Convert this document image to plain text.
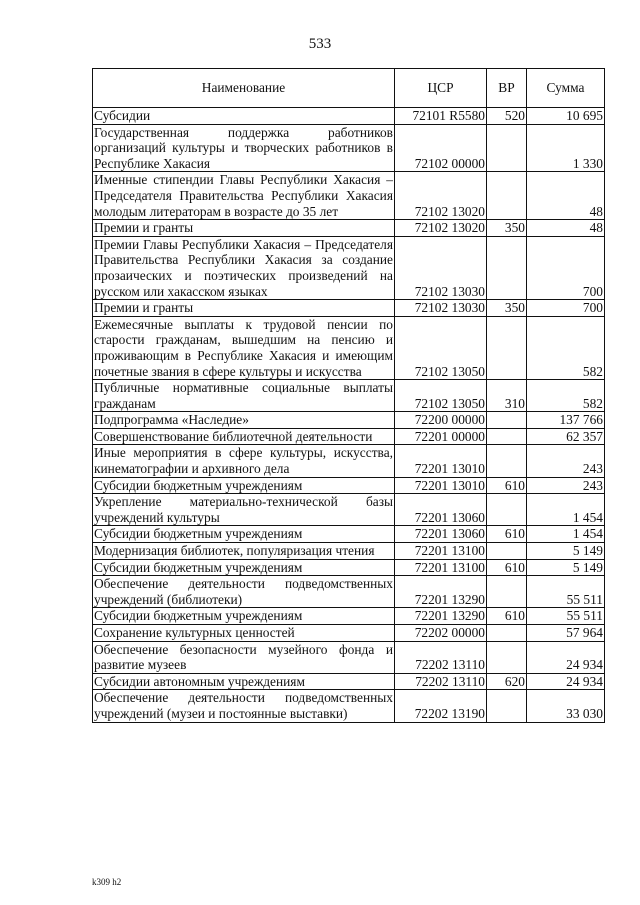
533
Наименование	ЦСР	ВР	Сумма
Субсидии	72101 R5580	520	10 695
Государственная поддержка работников организаций культуры и творческих работников в Республике Хакасия	72102 00000		1 330
Именные стипендии Главы Республики Хакасия – Председателя Правительства Республики Хакасия молодым литераторам в возрасте до 35 лет	72102 13020		48
Премии и гранты	72102 13020	350	48
Премии Главы Республики Хакасия – Председателя Правительства Республики Хакасия за создание прозаических и поэтических произведений на русском или хакасском языках	72102 13030		700
Премии и гранты	72102 13030	350	700
Ежемесячные выплаты к трудовой пенсии по старости гражданам, вышедшим на пенсию и проживающим в Республике Хакасия и имеющим почетные звания в сфере культуры и искусства	72102 13050		582
Публичные нормативные социальные выплаты гражданам	72102 13050	310	582
Подпрограмма «Наследие»	72200 00000		137 766
Совершенствование библиотечной деятельности	72201 00000		62 357
Иные мероприятия в сфере культуры, искусства, кинематографии и архивного дела	72201 13010		243
Субсидии бюджетным учреждениям	72201 13010	610	243
Укрепление материально-технической базы учреждений культуры	72201 13060		1 454
Субсидии бюджетным учреждениям	72201 13060	610	1 454
Модернизация библиотек, популяризация чтения	72201 13100		5 149
Субсидии бюджетным учреждениям	72201 13100	610	5 149
Обеспечение деятельности подведомственных учреждений (библиотеки)	72201 13290		55 511
Субсидии бюджетным учреждениям	72201 13290	610	55 511
Сохранение культурных ценностей	72202 00000		57 964
Обеспечение безопасности музейного фонда и развитие музеев	72202 13110		24 934
Субсидии автономным учреждениям	72202 13110	620	24 934
Обеспечение деятельности подведомственных учреждений (музеи и постоянные выставки)	72202 13190		33 030
k309 h2
